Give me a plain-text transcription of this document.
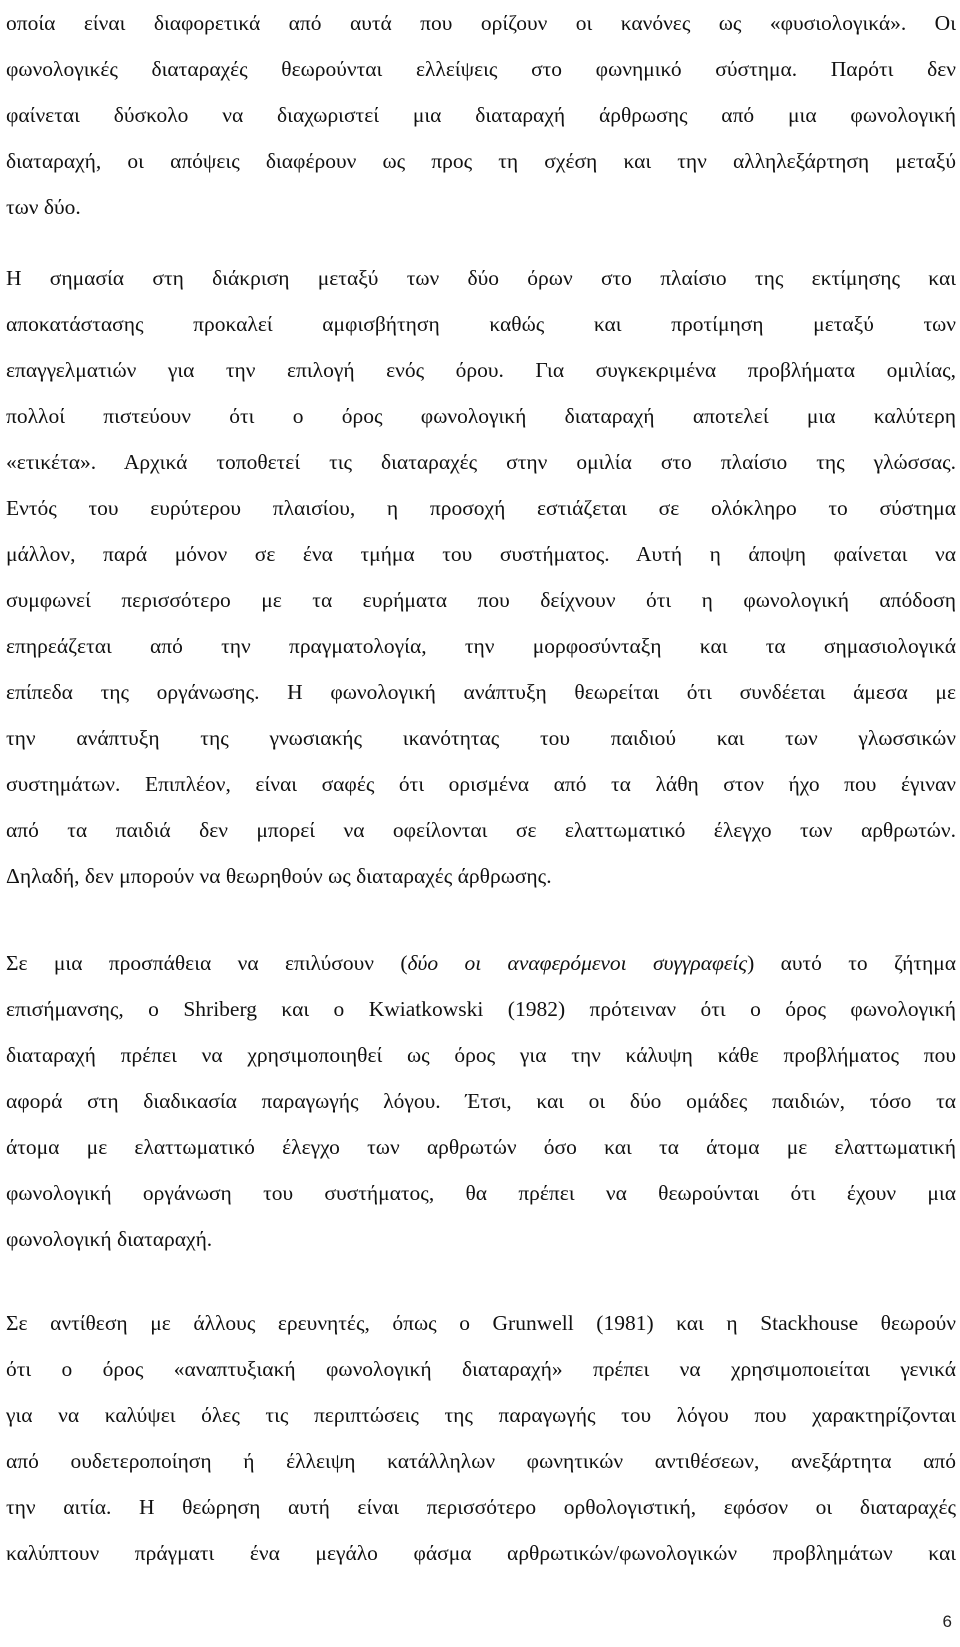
οποία είναι διαφορετικά από αυτά που ορίζουν οι κανόνες ως «φυσιολογικά». Οι
φωνολογικές διαταραχές θεωρούνται ελλείψεις στο φωνημικό σύστημα. Παρότι δεν
φαίνεται δύσκολο να διαχωριστεί μια διαταραχή άρθρωσης από μια φωνολογική
διαταραχή, οι απόψεις διαφέρουν ως προς τη σχέση και την αλληλεξάρτηση μεταξύ
των δύο.
Η σημασία στη διάκριση μεταξύ των δύο όρων στο πλαίσιο της εκτίμησης και
αποκατάστασης προκαλεί αμφισβήτηση καθώς και προτίμηση μεταξύ των
επαγγελματιών για την επιλογή ενός όρου. Για συγκεκριμένα προβλήματα ομιλίας,
πολλοί πιστεύουν ότι ο όρος φωνολογική διαταραχή αποτελεί μια καλύτερη
«ετικέτα». Αρχικά τοποθετεί τις διαταραχές στην ομιλία στο πλαίσιο της γλώσσας.
Εντός του ευρύτερου πλαισίου, η προσοχή εστιάζεται σε ολόκληρο το σύστημα
μάλλον, παρά μόνον σε ένα τμήμα του συστήματος. Αυτή η άποψη φαίνεται να
συμφωνεί περισσότερο με τα ευρήματα που δείχνουν ότι η φωνολογική απόδοση
επηρεάζεται από την πραγματολογία, την μορφοσύνταξη και τα σημασιολογικά
επίπεδα της οργάνωσης. Η φωνολογική ανάπτυξη θεωρείται ότι συνδέεται άμεσα με
την ανάπτυξη της γνωσιακής ικανότητας του παιδιού και των γλωσσικών
συστημάτων. Επιπλέον, είναι σαφές ότι ορισμένα από τα λάθη στον ήχο που έγιναν
από τα παιδιά δεν μπορεί να οφείλονται σε ελαττωματικό έλεγχο των αρθρωτών.
Δηλαδή, δεν μπορούν να θεωρηθούν ως διαταραχές άρθρωσης.
Σε μια προσπάθεια να επιλύσουν (δύο οι αναφερόμενοι συγγραφείς) αυτό το ζήτημα
επισήμανσης, ο Shriberg και ο Kwiatkowski (1982) πρότειναν ότι ο όρος φωνολογική
διαταραχή πρέπει να χρησιμοποιηθεί ως όρος για την κάλυψη κάθε προβλήματος που
αφορά στη διαδικασία παραγωγής λόγου. Έτσι, και οι δύο ομάδες παιδιών, τόσο τα
άτομα με ελαττωματικό έλεγχο των αρθρωτών όσο και τα άτομα με ελαττωματική
φωνολογική οργάνωση του συστήματος, θα πρέπει να θεωρούνται ότι έχουν μια
φωνολογική διαταραχή.
Σε αντίθεση με άλλους ερευνητές, όπως ο Grunwell (1981) και η Stackhouse θεωρούν
ότι ο όρος «αναπτυξιακή φωνολογική διαταραχή» πρέπει να χρησιμοποιείται γενικά
για να καλύψει όλες τις περιπτώσεις της παραγωγής του λόγου που χαρακτηρίζονται
από ουδετεροποίηση ή έλλειψη κατάλληλων φωνητικών αντιθέσεων, ανεξάρτητα από
την αιτία. Η θεώρηση αυτή είναι περισσότερο ορθολογιστική, εφόσον οι διαταραχές
καλύπτουν πράγματι ένα μεγάλο φάσμα αρθρωτικών/φωνολογικών προβλημάτων και
6
